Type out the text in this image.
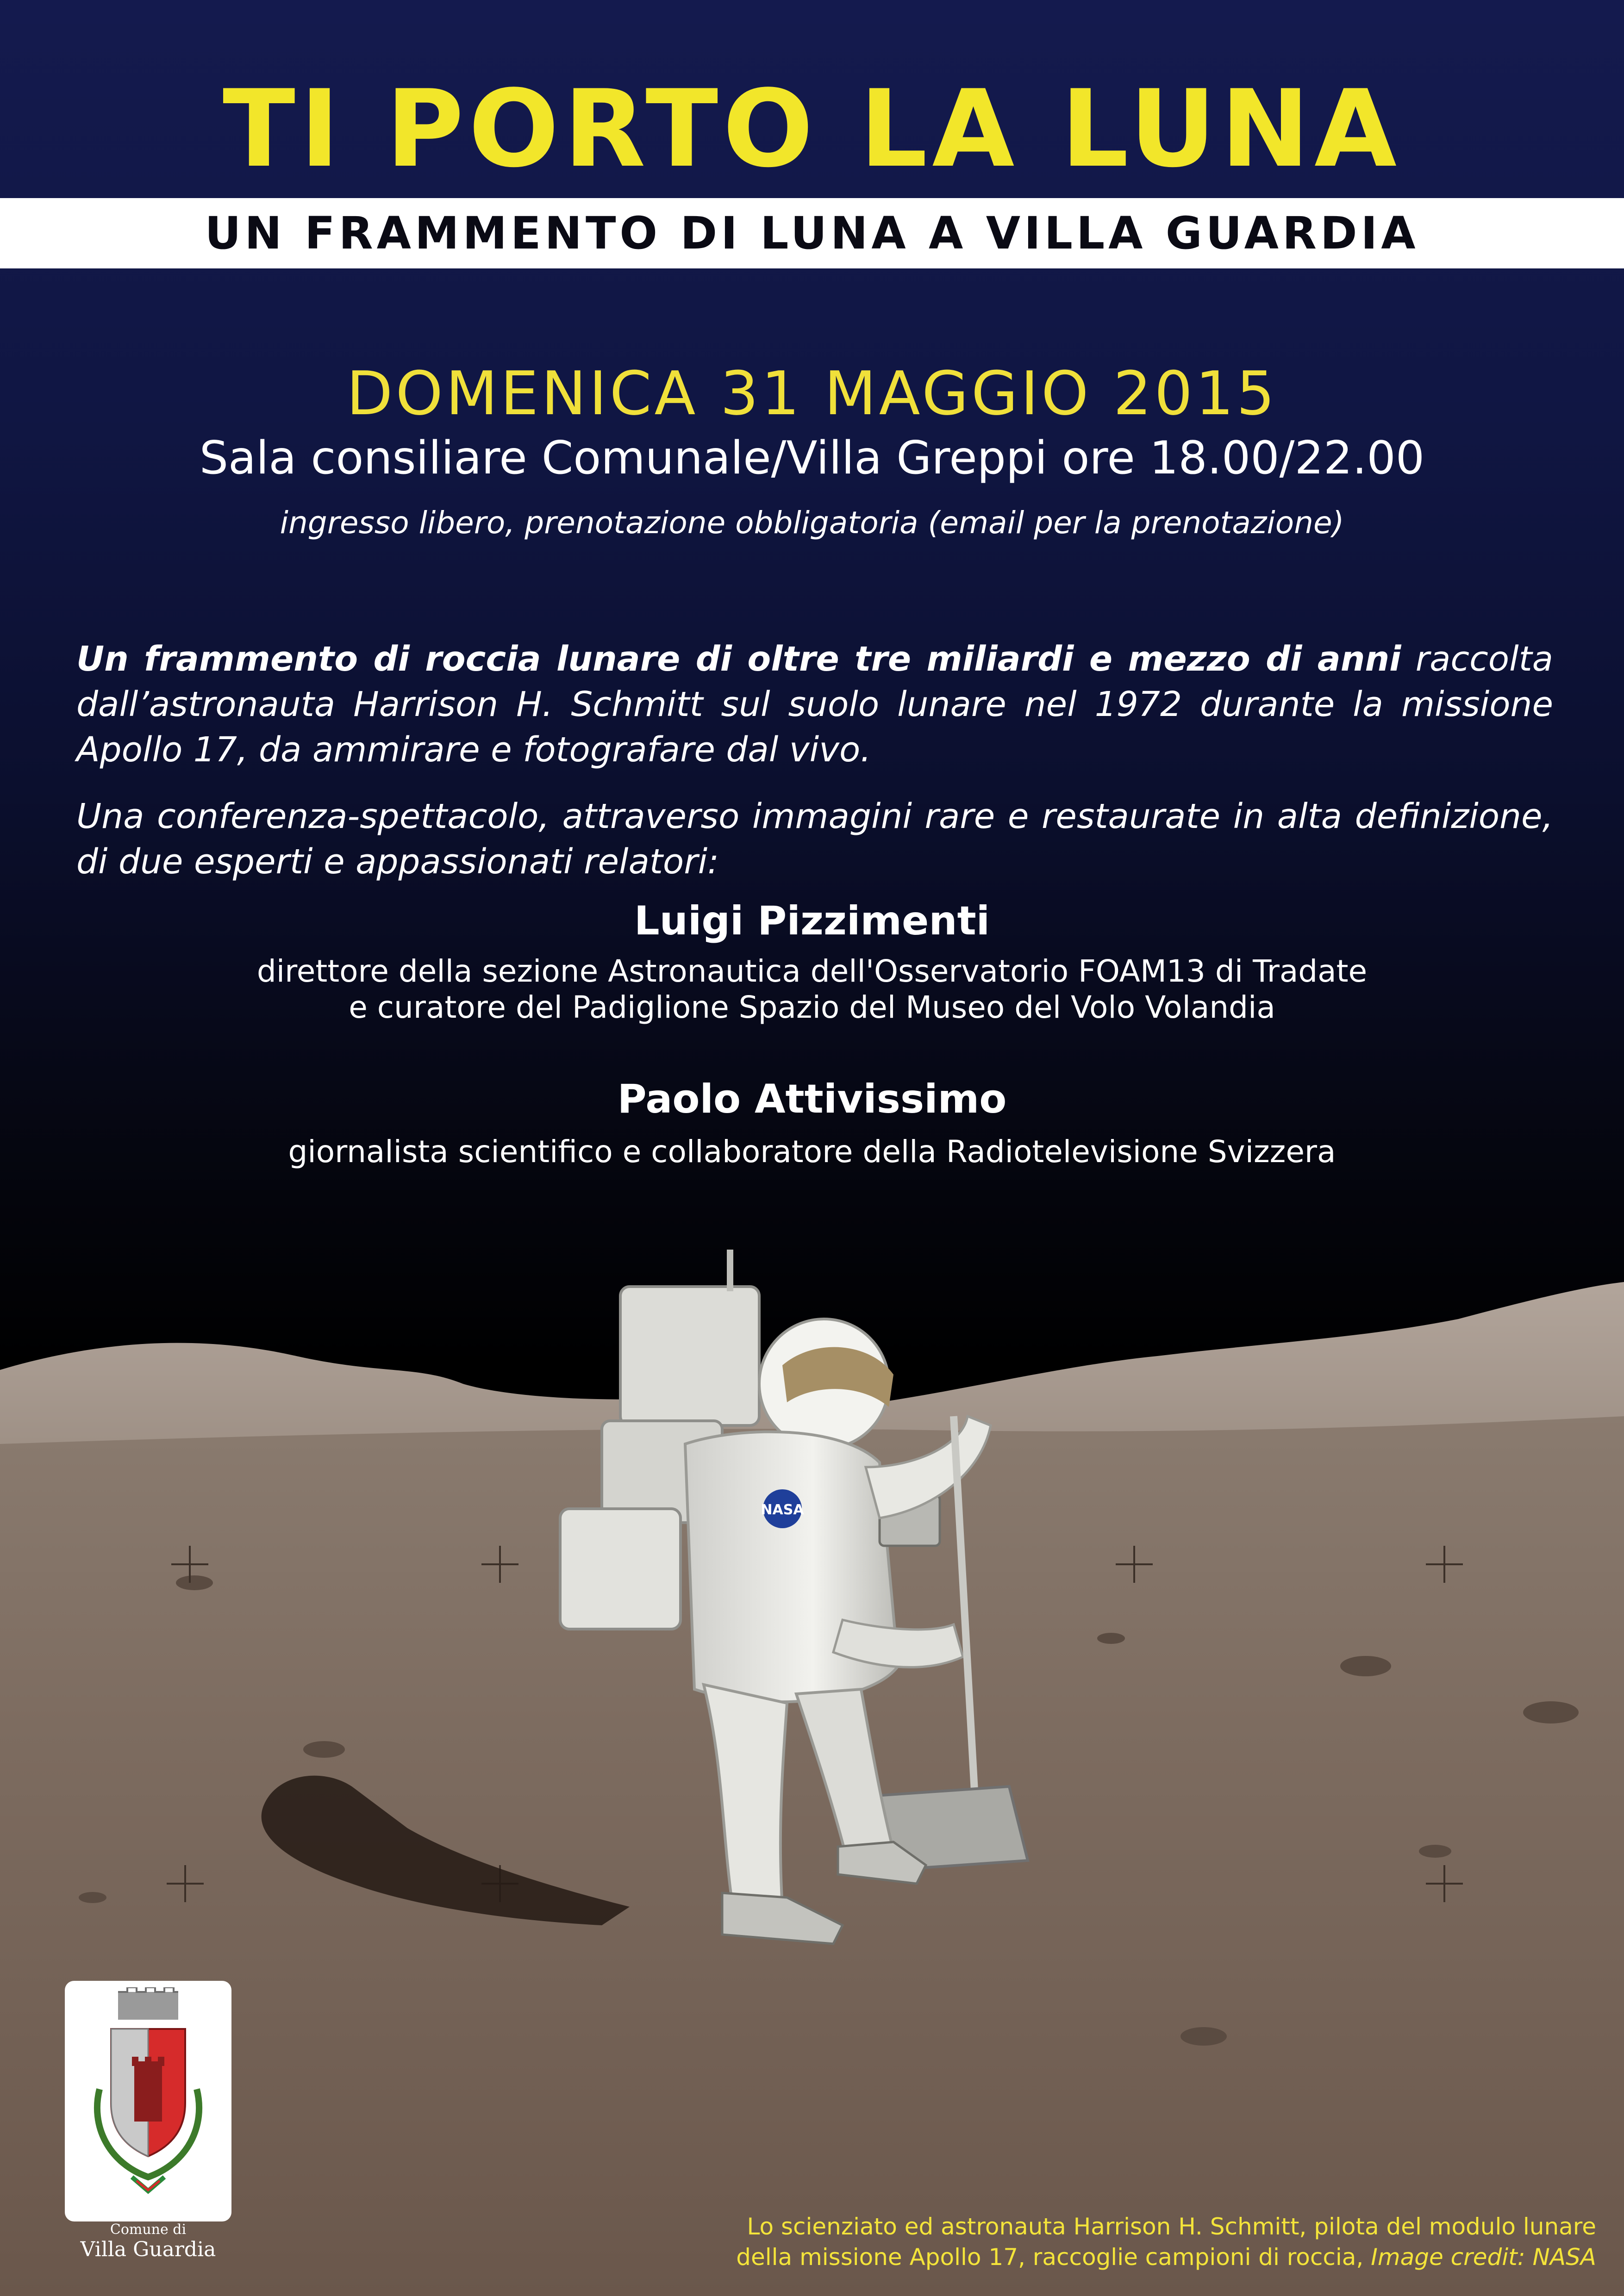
TI PORTO LA LUNA
UN FRAMMENTO DI LUNA A VILLA GUARDIA
DOMENICA 31 MAGGIO 2015
Sala consiliare Comunale/Villa Greppi ore 18.00/22.00
ingresso libero, prenotazione obbligatoria (email per la prenotazione)

Un frammento di roccia lunare di oltre tre miliardi e mezzo di anni raccolta dall’astronauta Harrison H. Schmitt sul suolo lunare nel 1972 durante la missione Apollo 17, da ammirare e fotografare dal vivo.

Una conferenza-spettacolo, attraverso immagini rare e restaurate in alta definizione, di due esperti e appassionati relatori:

Luigi Pizzimenti
direttore della sezione Astronautica dell'Osservatorio FOAM13 di Tradate
e curatore del Padiglione Spazio del Museo del Volo Volandia
Paolo Attivissimo
giornalista scientifico e collaboratore della Radiotelevisione Svizzera
NASA
Comune di
Villa Guardia
Lo scienziato ed astronauta Harrison H. Schmitt, pilota del modulo lunare
della missione Apollo 17, raccoglie campioni di roccia, Image credit: NASA
